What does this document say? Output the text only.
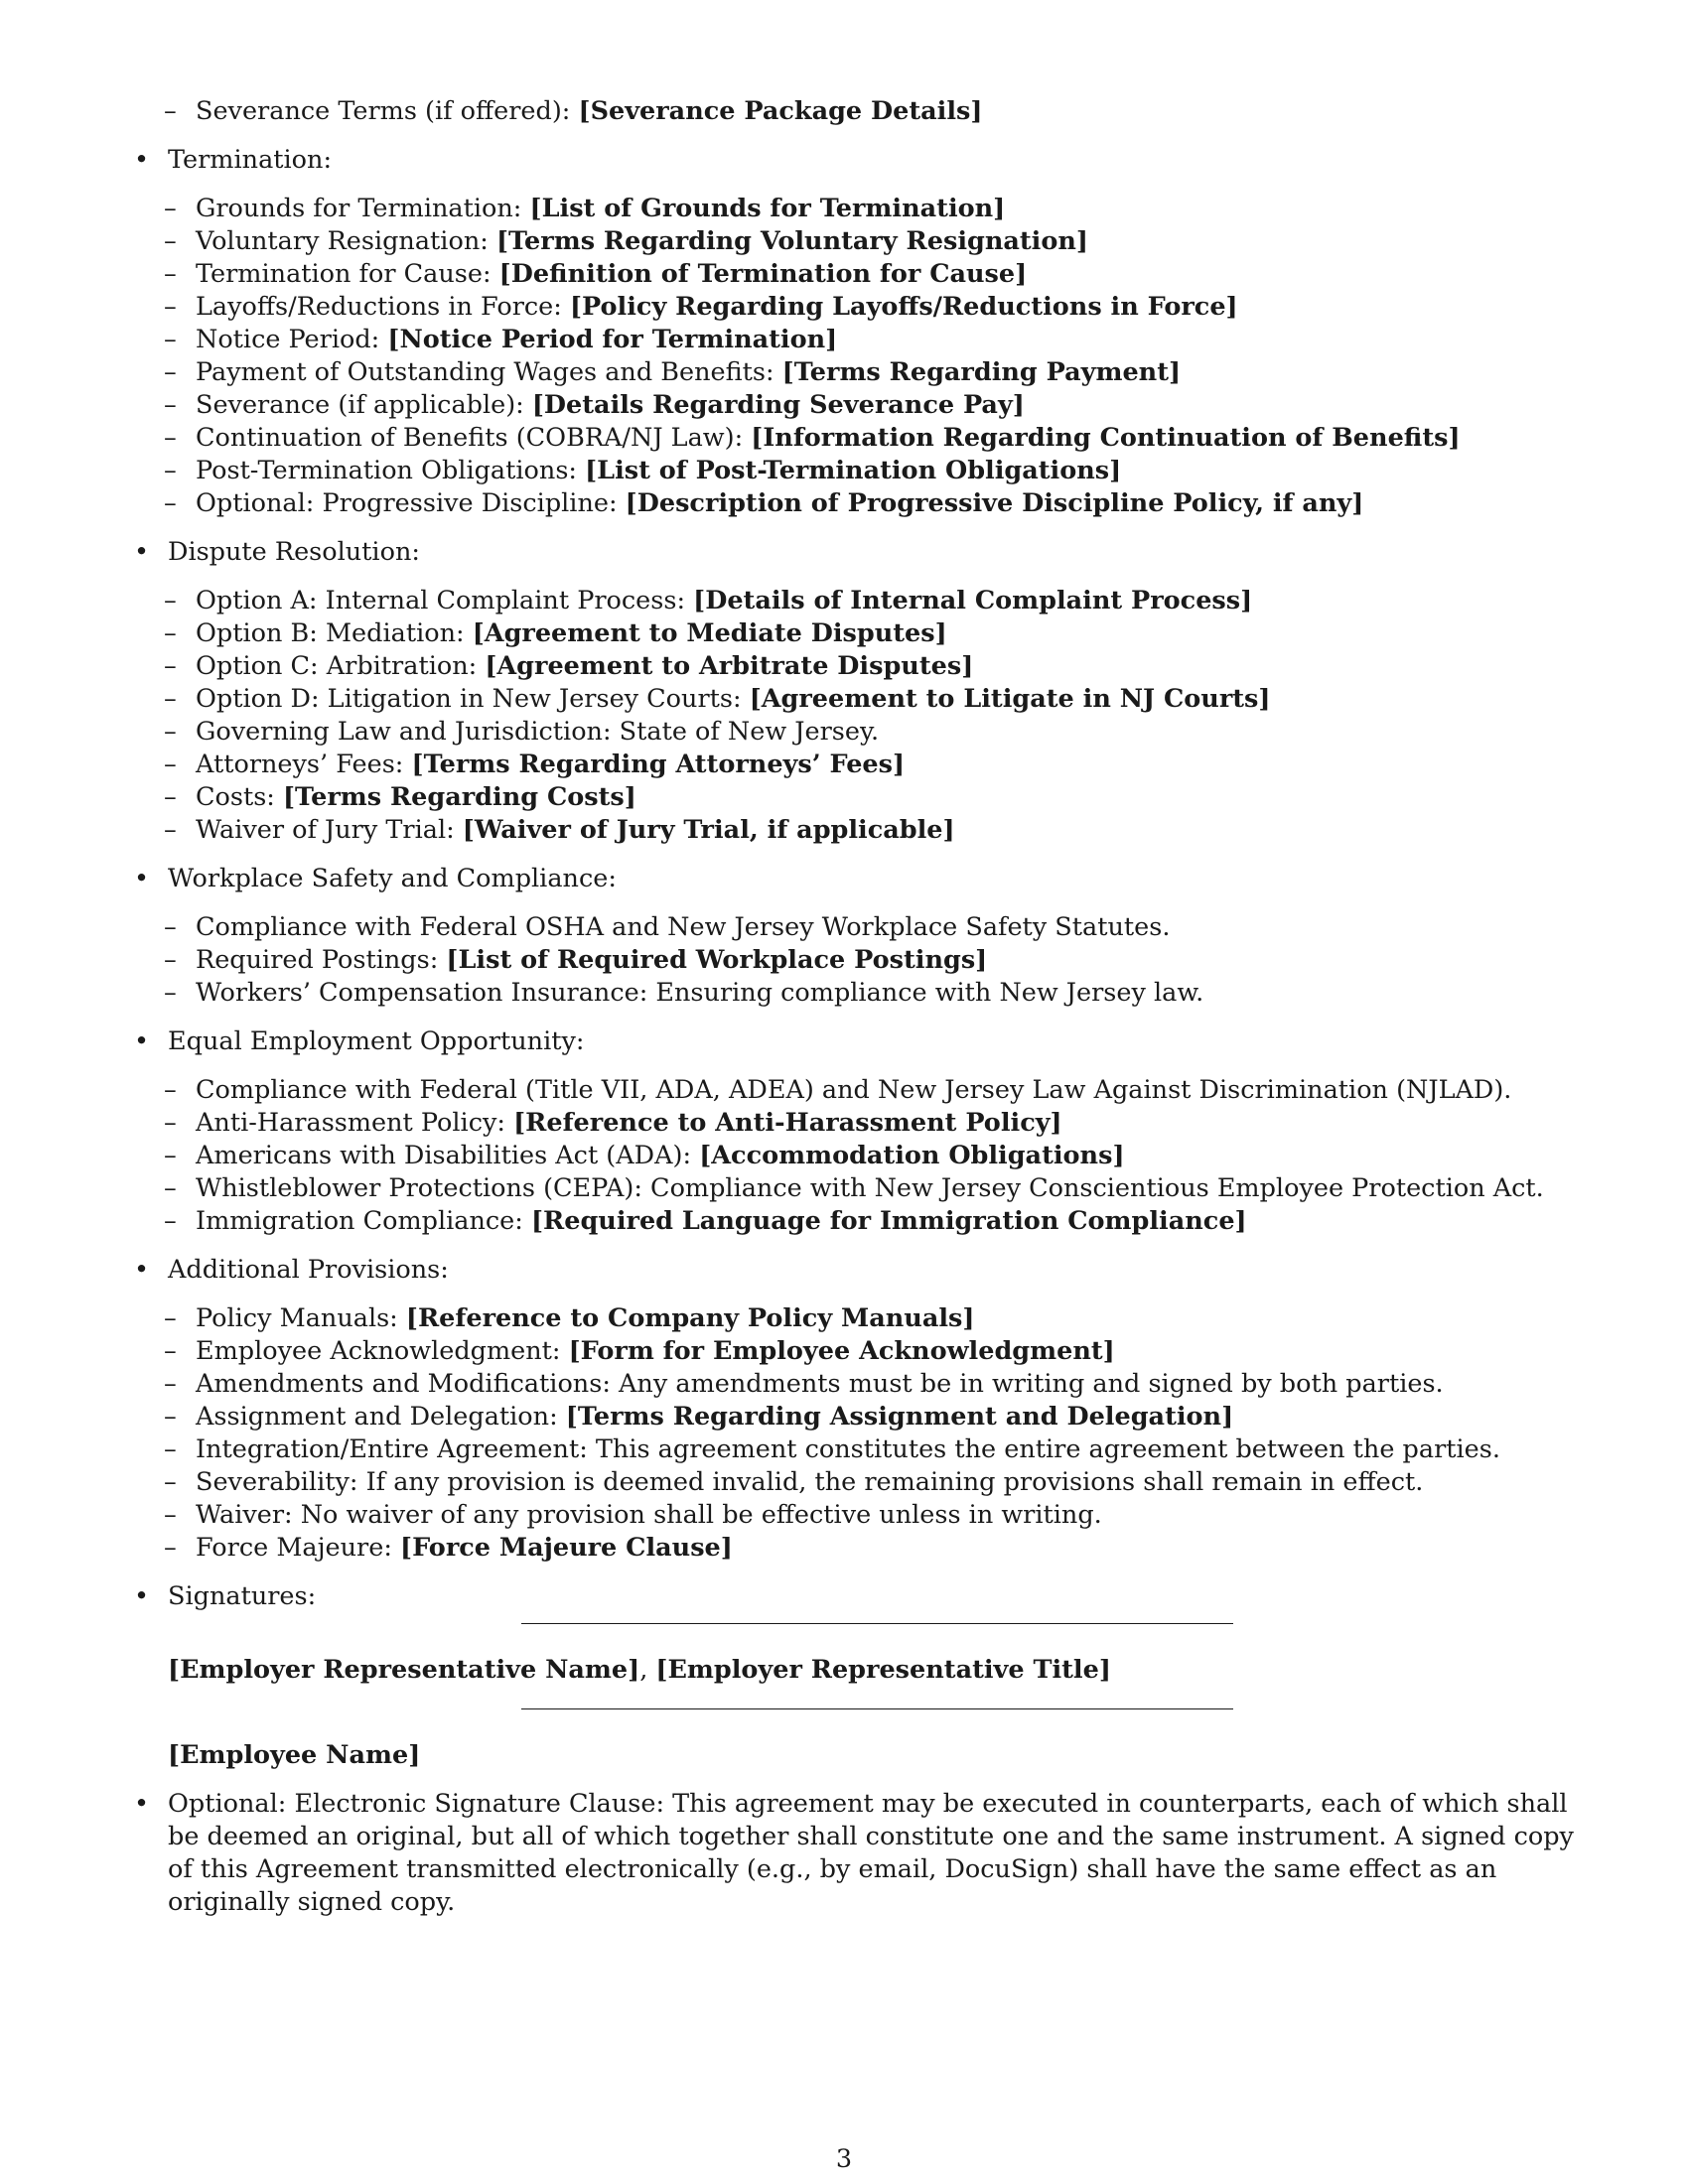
– Severance Terms (if offered): [Severance Package Details]
• Termination:
– Grounds for Termination: [List of Grounds for Termination]
– Voluntary Resignation: [Terms Regarding Voluntary Resignation]
– Termination for Cause: [Definition of Termination for Cause]
– Layoffs/Reductions in Force: [Policy Regarding Layoffs/Reductions in Force]
– Notice Period: [Notice Period for Termination]
– Payment of Outstanding Wages and Benefits: [Terms Regarding Payment]
– Severance (if applicable): [Details Regarding Severance Pay]
– Continuation of Benefits (COBRA/NJ Law): [Information Regarding Continuation of Benefits]
– Post-Termination Obligations: [List of Post-Termination Obligations]
– Optional: Progressive Discipline: [Description of Progressive Discipline Policy, if any]
• Dispute Resolution:
– Option A: Internal Complaint Process: [Details of Internal Complaint Process]
– Option B: Mediation: [Agreement to Mediate Disputes]
– Option C: Arbitration: [Agreement to Arbitrate Disputes]
– Option D: Litigation in New Jersey Courts: [Agreement to Litigate in NJ Courts]
– Governing Law and Jurisdiction: State of New Jersey.
– Attorneys’ Fees: [Terms Regarding Attorneys’ Fees]
– Costs: [Terms Regarding Costs]
– Waiver of Jury Trial: [Waiver of Jury Trial, if applicable]
• Workplace Safety and Compliance:
– Compliance with Federal OSHA and New Jersey Workplace Safety Statutes.
– Required Postings: [List of Required Workplace Postings]
– Workers’ Compensation Insurance: Ensuring compliance with New Jersey law.
• Equal Employment Opportunity:
– Compliance with Federal (Title VII, ADA, ADEA) and New Jersey Law Against Discrimination (NJLAD).
– Anti-Harassment Policy: [Reference to Anti-Harassment Policy]
– Americans with Disabilities Act (ADA): [Accommodation Obligations]
– Whistleblower Protections (CEPA): Compliance with New Jersey Conscientious Employee Protection Act.
– Immigration Compliance: [Required Language for Immigration Compliance]
• Additional Provisions:
– Policy Manuals: [Reference to Company Policy Manuals]
– Employee Acknowledgment: [Form for Employee Acknowledgment]
– Amendments and Modifications: Any amendments must be in writing and signed by both parties.
– Assignment and Delegation: [Terms Regarding Assignment and Delegation]
– Integration/Entire Agreement: This agreement constitutes the entire agreement between the parties.
– Severability: If any provision is deemed invalid, the remaining provisions shall remain in effect.
– Waiver: No waiver of any provision shall be effective unless in writing.
– Force Majeure: [Force Majeure Clause]
• Signatures:
[Employer Representative Name], [Employer Representative Title]
[Employee Name]
• Optional: Electronic Signature Clause: This agreement may be executed in counterparts, each of which shall be deemed an original, but all of which together shall constitute one and the same instrument. A signed copy of this Agreement transmitted electronically (e.g., by email, DocuSign) shall have the same effect as an originally signed copy.
3
